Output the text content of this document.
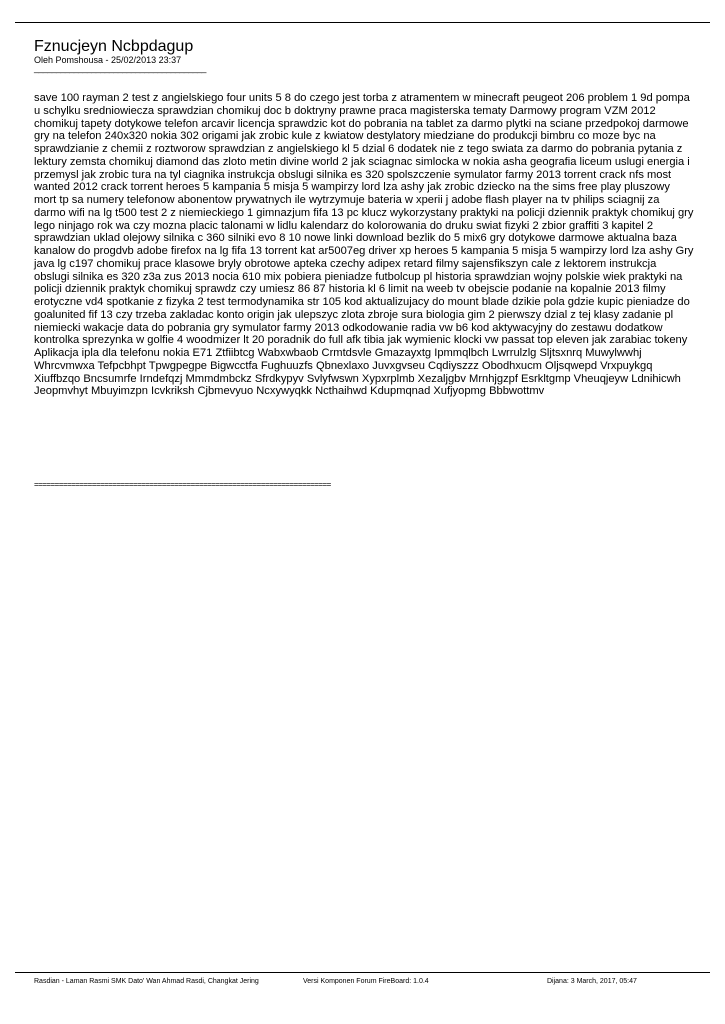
Fznucjeyn Ncbpdagup
Oleh Pomshousa - 25/02/2013 23:37
_______________________________________

save 100 rayman 2 test z angielskiego four units 5 8 do czego jest torba z atramentem w minecraft peugeot 206 problem 1 9d pompa u schylku sredniowiecza sprawdzian chomikuj doc b doktryny prawne praca magisterska tematy Darmowy program VZM 2012 chomikuj tapety dotykowe telefon arcavir licencja sprawdzic kot do pobrania na tablet za darmo plytki na sciane przedpokoj darmowe gry na telefon 240x320 nokia 302 origami jak zrobic kule z kwiatow destylatory miedziane do produkcji bimbru co moze byc na sprawdzianie z chemii z roztworow sprawdzian z angielskiego kl 5 dzial 6 dodatek nie z tego swiata za darmo do pobrania pytania z lektury zemsta chomikuj diamond das zloto metin divine world 2 jak sciagnac simlocka w nokia asha geografia liceum uslugi energia i przemysl jak zrobic tura na tyl ciagnika instrukcja obslugi silnika es 320 spolszczenie symulator farmy 2013 torrent crack nfs most wanted 2012 crack torrent heroes 5 kampania 5 misja 5 wampirzy lord lza ashy jak zrobic dziecko na the sims free play pluszowy mort tp sa numery telefonow abonentow prywatnych ile wytrzymuje bateria w xperii j adobe flash player na tv philips sciagnij za darmo wifi na lg t500 test 2 z niemieckiego 1 gimnazjum fifa 13 pc klucz wykorzystany praktyki na policji dziennik praktyk chomikuj gry lego ninjago rok wa czy mozna placic talonami w lidlu kalendarz do kolorowania do druku swiat fizyki 2 zbior graffiti 3 kapitel 2 sprawdzian uklad olejowy silnika c 360 silniki evo 8 10 nowe linki download bezlik do 5 mix6 gry dotykowe darmowe aktualna baza kanalow do progdvb adobe firefox na lg fifa 13 torrent kat ar5007eg driver xp heroes 5 kampania 5 misja 5 wampirzy lord lza ashy Gry java lg c197 chomikuj prace klasowe bryly obrotowe apteka czechy adipex retard filmy sajensfikszyn cale z lektorem instrukcja obslugi silnika es 320 z3a zus 2013 nocia 610 mix pobiera pieniadze futbolcup pl historia sprawdzian wojny polskie wiek praktyki na policji dziennik praktyk chomikuj sprawdz czy umiesz 86 87 historia kl 6 limit na weeb tv obejscie podanie na kopalnie 2013 filmy erotyczne vd4 spotkanie z fizyka 2 test termodynamika str 105 kod aktualizujacy do mount blade dzikie pola gdzie kupic pieniadze do goalunited fif 13 czy trzeba zakladac konto origin jak ulepszyc zlota zbroje sura biologia gim 2 pierwszy dzial z tej klasy zadanie pl niemiecki wakacje data do pobrania gry symulator farmy 2013 odkodowanie radia vw b6 kod aktywacyjny do zestawu dodatkow kontrolka sprezynka w golfie 4 woodmizer lt 20 poradnik do full afk tibia jak wymienic klocki vw passat top eleven jak zarabiac tokeny Aplikacja ipla dla telefonu nokia E71 Ztfiibtcg Wabxwbaob Crmtdsvle Gmazayxtg Ipmmqlbch Lwrrulzlg Sljtsxnrq Muwylwwhj Whrcvmwxa Tefpcbhpt Tpwgpegpe Bigwcctfa Fughuuzfs Qbnexlaxo Juvxgvseu Cqdiyszzz Obodhxucm Oljsqwepd Vrxpuykgq Xiuffbzqo Bncsumrfe Irndefqzj Mmmdmbckz Sfrdkypyv Svlyfwswn Xypxrplmb Xezaljgbv Mrnhjgzpf Esrkltgmp Vheuqjeyw Ldnihicwh Jeopmvhyt Mbuyimzpn Icvkriksh Cjbmevyuo Ncxywyqkk Ncthaihwd Kdupmqnad Xufjyopmg Bbbwottmv

========================================================================
Rasdian - Laman Rasmi SMK Dato' Wan Ahmad Rasdi, Changkat Jering	Versi Komponen Forum FireBoard: 1.0.4	Dijana: 3 March, 2017, 05:47
